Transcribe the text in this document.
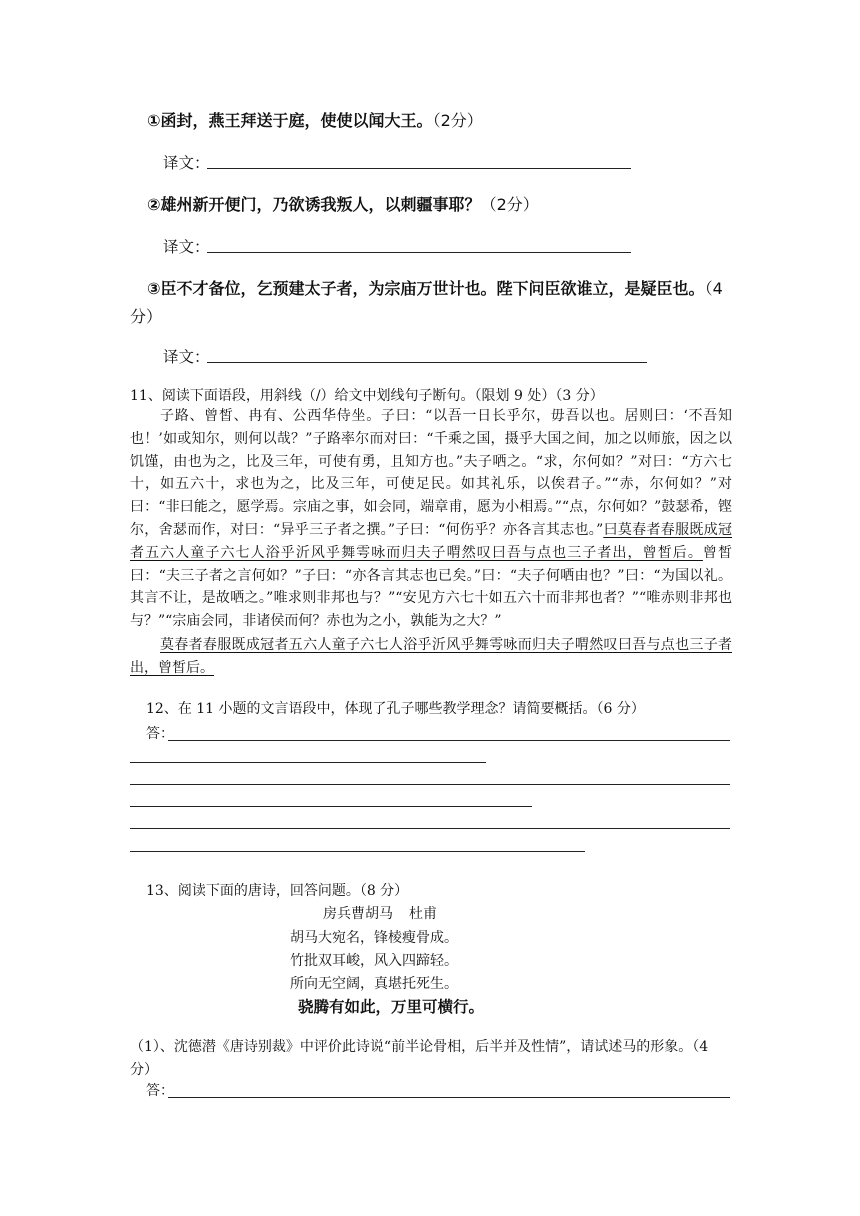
①函封，燕王拜送于庭，使使以闻大王。（2分）
译文：
②雄州新开便门，乃欲诱我叛人，以刺疆事耶？（2分）
译文：
③臣不才备位，乞预建太子者，为宗庙万世计也。陛下问臣欲谁立，是疑臣也。（4
分）
译文：
11、阅读下面语段，用斜线（/）给文中划线句子断句。（限划 9 处）（3 分）

子路、曾皙、冉有、公西华侍坐。子曰：“以吾一日长乎尔，毋吾以也。居则曰：‘不吾知也！’如或知尔，则何以哉？”子路率尔而对曰：“千乘之国，摄乎大国之间，加之以师旅，因之以饥馑，由也为之，比及三年，可使有勇，且知方也。”夫子哂之。“求，尔何如？”对曰：“方六七十，如五六十，求也为之，比及三年，可使足民。如其礼乐，以俟君子。”“赤，尔何如？”对曰：“非曰能之，愿学焉。宗庙之事，如会同，端章甫，愿为小相焉。”“点，尔何如？”鼓瑟希，铿尔，舍瑟而作，对曰：“异乎三子者之撰。”子曰：“何伤乎？亦各言其志也。”曰莫春者春服既成冠者五六人童子六七人浴乎沂风乎舞雩咏而归夫子喟然叹曰吾与点也三子者出，曾皙后。曾皙曰：“夫三子者之言何如？”子曰：“亦各言其志也已矣。”曰：“夫子何哂由也？”曰：“为国以礼。其言不让，是故哂之。”唯求则非邦也与？”“安见方六七十如五六十而非邦也者？”“唯赤则非邦也与？”“宗庙会同，非诸侯而何？赤也为之小，孰能为之大？”

莫春者春服既成冠者五六人童子六七人浴乎沂风乎舞雩咏而归夫子喟然叹曰吾与点也三子者出，曾皙后。

12、在 11 小题的文言语段中，体现了孔子哪些教学理念？请简要概括。（6 分）
答：
13、阅读下面的唐诗，回答问题。（8 分）
房兵曹胡马 杜甫
胡马大宛名，锋棱瘦骨成。
竹批双耳峻，风入四蹄轻。
所向无空阔，真堪托死生。
骁腾有如此，万里可横行。
（1）、沈德潜《唐诗别裁》中评价此诗说“前半论骨相，后半并及性情”，请试述马的形象。（4 分）
答：
